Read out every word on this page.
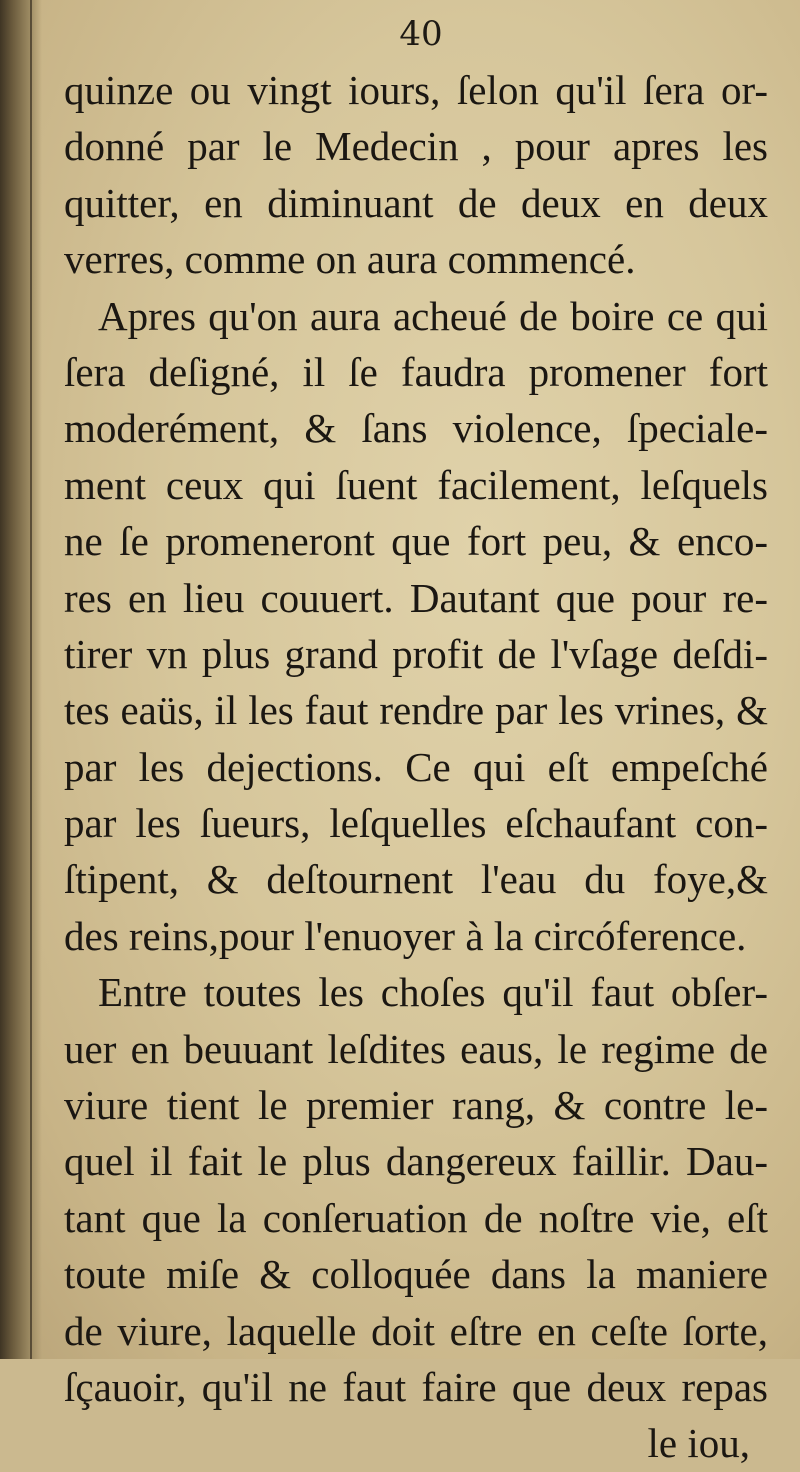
40
quinze ou vingt iours, ſelon qu'il ſera or-
donné par le Medecin , pour apres les
quitter, en diminuant de deux en deux
verres, comme on aura commencé.
Apres qu'on aura acheué de boire ce qui
ſera deſigné, il ſe faudra promener fort
moderément, & ſans violence, ſpeciale-
ment ceux qui ſuent facilement, leſquels
ne ſe promeneront que fort peu, & enco-
res en lieu couuert. Dautant que pour re-
tirer vn plus grand profit de l'vſage deſdi-
tes eaüs, il les faut rendre par les vrines, &
par les dejections. Ce qui eſt empeſché
par les ſueurs, leſquelles eſchaufant con-
ſtipent, & deſtournent l'eau du foye,&
des reins,pour l'enuoyer à la circóference.
Entre toutes les choſes qu'il faut obſer-
uer en beuuant leſdites eaus, le regime de
viure tient le premier rang, & contre le-
quel il fait le plus dangereux faillir. Dau-
tant que la conſeruation de noſtre vie, eſt
toute miſe & colloquée dans la maniere
de viure, laquelle doit eſtre en ceſte ſorte,
ſçauoir, qu'il ne faut faire que deux repas
le iou,
